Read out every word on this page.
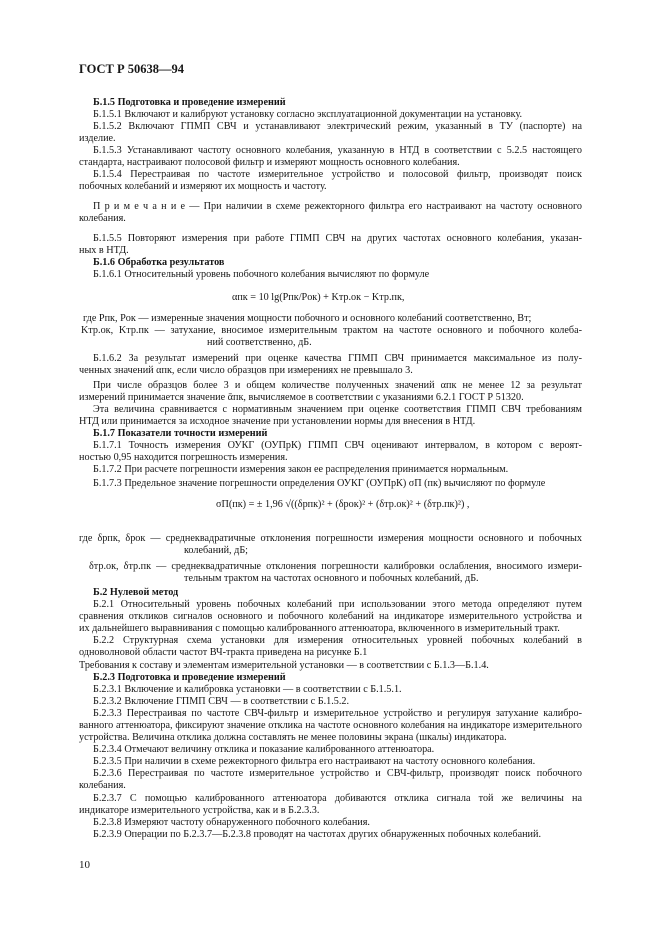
ГОСТ Р 50638—94
Б.1.5 Подготовка и проведение измерений
Б.1.5.1 Включают и калибруют установку согласно эксплуатационной документации на установку.
Б.1.5.2 Включают ГПМП СВЧ и устанавливают электрический режим, указанный в ТУ (паспорте) на
изделие.
Б.1.5.3 Устанавливают частоту основного колебания, указанную в НТД в соответствии с 5.2.5 настоящего
стандарта, настраивают полосовой фильтр и измеряют мощность основного колебания.
Б.1.5.4 Перестраивая по частоте измерительное устройство и полосовой фильтр, производят поиск
побочных колебаний и измеряют их мощность и частоту.
П р и м е ч а н и е — При наличии в схеме режекторного фильтра его настраивают на частоту основного
колебания.
Б.1.5.5 Повторяют измерения при работе ГПМП СВЧ на других частотах основного колебания, указан-
ных в НТД.
Б.1.6 Обработка результатов
Б.1.6.1 Относительный уровень побочного колебания вычисляют по формуле
αпк = 10 lg(Pпк/Pок) + Kтр.ок − Kтр.пк,
где Pпк, Pок — измеренные значения мощности побочного и основного колебаний соответственно, Вт;
Kтр.ок, Kтр.пк — затухание, вносимое измерительным трактом на частоте основного и побочного колеба-
ний соответственно, дБ.
Б.1.6.2 За результат измерений при оценке качества ГПМП СВЧ принимается максимальное из полу-
ченных значений αпк, если число образцов при измерениях не превышало 3.
При числе образцов более 3 и общем количестве полученных значений αпк не менее 12 за результат
измерений принимается значение ᾱпк, вычисляемое в соответствии с указаниями 6.2.1 ГОСТ Р 51320.
Эта величина сравнивается с нормативным значением при оценке соответствия ГПМП СВЧ требованиям
НТД или принимается за исходное значение при установлении нормы для внесения в НТД.
Б.1.7 Показатели точности измерений
Б.1.7.1 Точность измерения ОУКГ (ОУПрК) ГПМП СВЧ оценивают интервалом, в котором с вероят-
ностью 0,95 находится погрешность измерения.
Б.1.7.2 При расчете погрешности измерения закон ее распределения принимается нормальным.
Б.1.7.3 Предельное значение погрешности определения ОУКГ (ОУПрК) σП (пк) вычисляют по формуле
σП(пк) = ± 1,96 √((δрпк)² + (δрок)² + (δтр.ок)² + (δтр.пк)²) ,
где δрпк, δрок — среднеквадратичные отклонения погрешности измерения мощности основного и побочных
колебаний, дБ;
δтр.ок, δтр.пк — среднеквадратичные отклонения погрешности калибровки ослабления, вносимого измери-
тельным трактом на частотах основного и побочных колебаний, дБ.
Б.2 Нулевой метод
Б.2.1 Относительный уровень побочных колебаний при использовании этого метода определяют путем
сравнения откликов сигналов основного и побочного колебаний на индикаторе измерительного устройства и
их дальнейшего выравнивания с помощью калиброванного аттенюатора, включенного в измерительный тракт.
Б.2.2 Структурная схема установки для измерения относительных уровней побочных колебаний в
одноволновой области частот ВЧ-тракта приведена на рисунке Б.1
Требования к составу и элементам измерительной установки — в соответствии с Б.1.3—Б.1.4.
Б.2.3 Подготовка и проведение измерений
Б.2.3.1 Включение и калибровка установки — в соответствии с Б.1.5.1.
Б.2.3.2 Включение ГПМП СВЧ — в соответствии с Б.1.5.2.
Б.2.3.3 Перестраивая по частоте СВЧ-фильтр и измерительное устройство и регулируя затухание калибро-
ванного аттенюатора, фиксируют значение отклика на частоте основного колебания на индикаторе измерительного
устройства. Величина отклика должна составлять не менее половины экрана (шкалы) индикатора.
Б.2.3.4 Отмечают величину отклика и показание калиброванного аттенюатора.
Б.2.3.5 При наличии в схеме режекторного фильтра его настраивают на частоту основного колебания.
Б.2.3.6 Перестраивая по частоте измерительное устройство и СВЧ-фильтр, производят поиск побочного
колебания.
Б.2.3.7 С помощью калиброванного аттенюатора добиваются отклика сигнала той же величины на
индикаторе измерительного устройства, как и в Б.2.3.3.
Б.2.3.8 Измеряют частоту обнаруженного побочного колебания.
Б.2.3.9 Операции по Б.2.3.7—Б.2.3.8 проводят на частотах других обнаруженных побочных колебаний.
10
